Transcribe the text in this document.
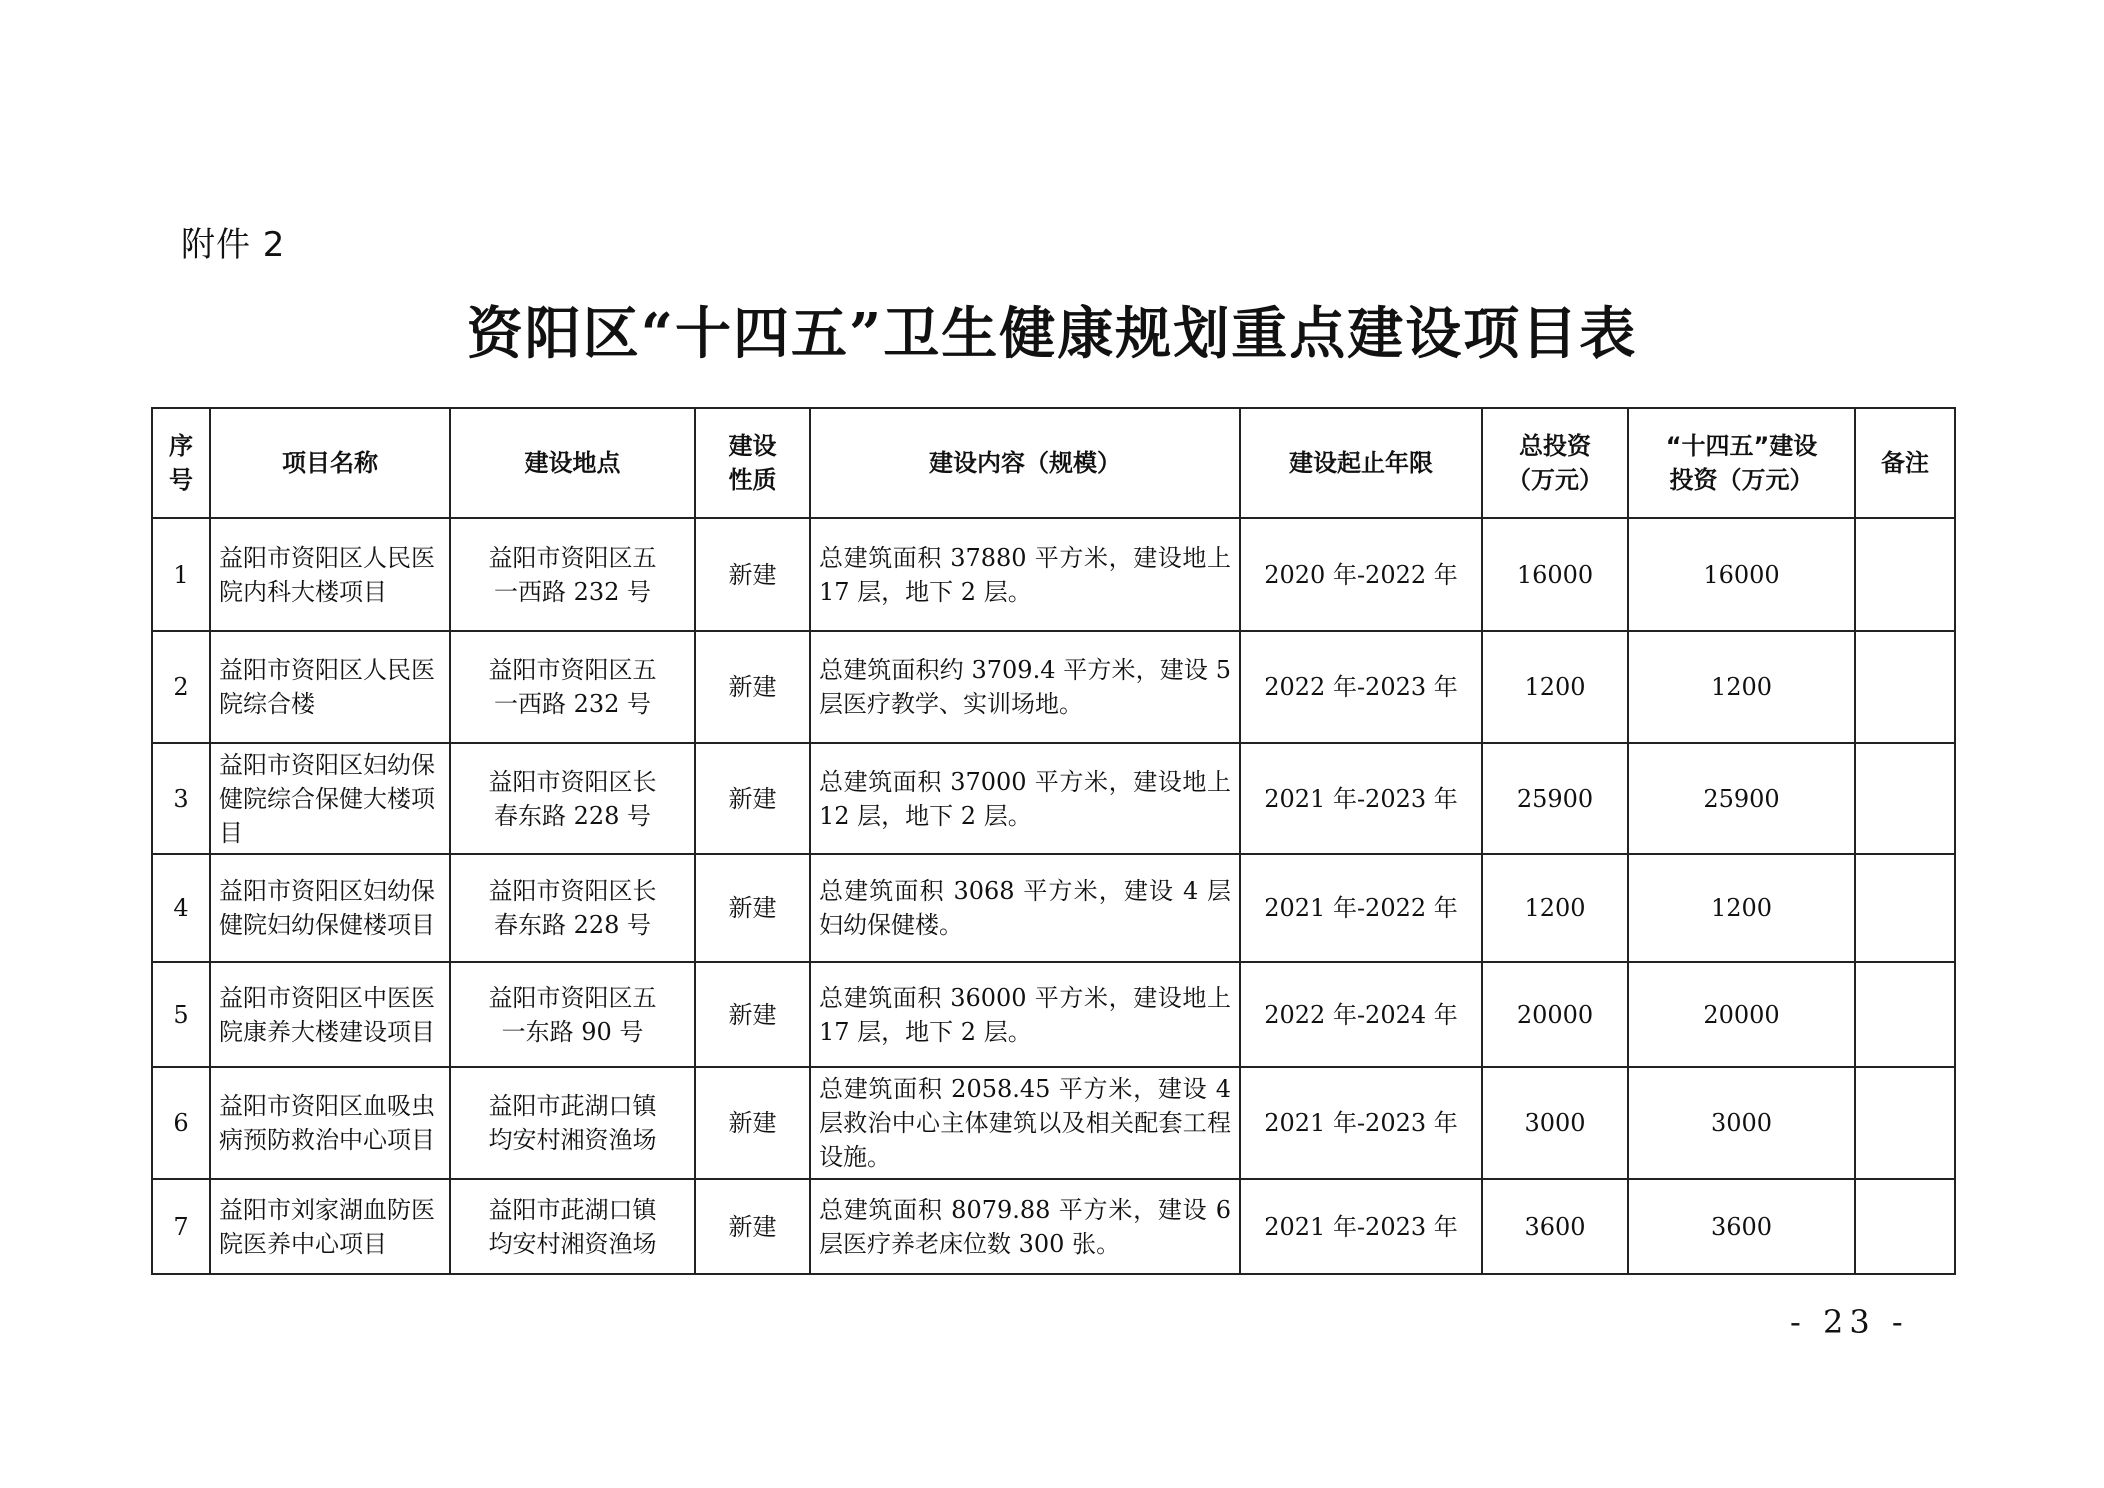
附件 2
资阳区“十四五”卫生健康规划重点建设项目表
序号	项目名称	建设地点	建设性质	建设内容（规模）	建设起止年限	总投资（万元）	“十四五”建设投资（万元）	备注
1	益阳市资阳区人民医院内科大楼项目	益阳市资阳区五一西路 232 号	新建	总建筑面积 37880 平方米，建设地上 17 层，地下 2 层。	2020 年-2022 年	16000	16000	
2	益阳市资阳区人民医院综合楼	益阳市资阳区五一西路 232 号	新建	总建筑面积约 3709.4 平方米，建设 5 层医疗教学、实训场地。	2022 年-2023 年	1200	1200	
3	益阳市资阳区妇幼保健院综合保健大楼项目	益阳市资阳区长春东路 228 号	新建	总建筑面积 37000 平方米，建设地上 12 层，地下 2 层。	2021 年-2023 年	25900	25900	
4	益阳市资阳区妇幼保健院妇幼保健楼项目	益阳市资阳区长春东路 228 号	新建	总建筑面积 3068 平方米，建设 4 层妇幼保健楼。	2021 年-2022 年	1200	1200	
5	益阳市资阳区中医医院康养大楼建设项目	益阳市资阳区五一东路 90 号	新建	总建筑面积 36000 平方米，建设地上 17 层，地下 2 层。	2022 年-2024 年	20000	20000	
6	益阳市资阳区血吸虫病预防救治中心项目	益阳市茈湖口镇均安村湘资渔场	新建	总建筑面积 2058.45 平方米，建设 4 层救治中心主体建筑以及相关配套工程设施。	2021 年-2023 年	3000	3000	
7	益阳市刘家湖血防医院医养中心项目	益阳市茈湖口镇均安村湘资渔场	新建	总建筑面积 8079.88 平方米，建设 6 层医疗养老床位数 300 张。	2021 年-2023 年	3600	3600	
- 23 -
